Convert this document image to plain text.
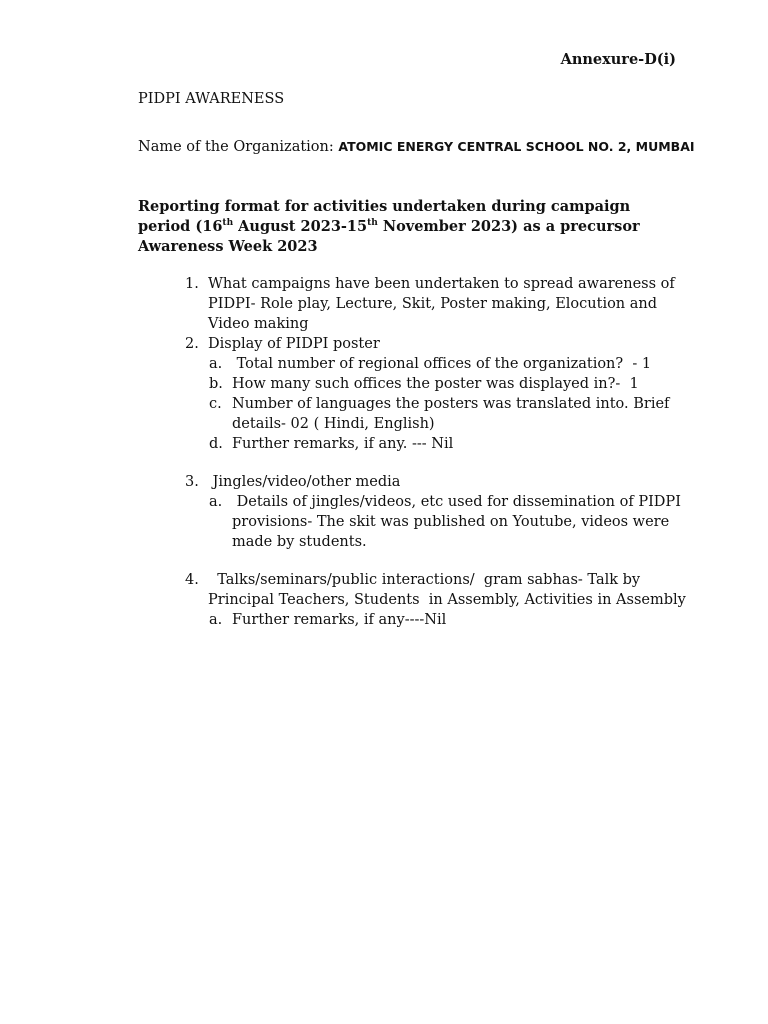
Annexure-D(i)
PIDPI AWARENESS
Name of the Organization: ATOMIC ENERGY CENTRAL SCHOOL NO. 2, MUMBAI
Reporting format for activities undertaken during campaign period (16th August 2023-15th November 2023) as a precursor Awareness Week 2023
1. What campaigns have been undertaken to spread awareness of PIDPI- Role play, Lecture, Skit, Poster making, Elocution and Video making
2. Display of PIDPI poster
a. Total number of regional offices of the organization?  - 1
b. How many such offices the poster was displayed in?-  1
c. Number of languages the posters was translated into. Brief details- 02 ( Hindi, English)
d. Further remarks, if any. --- Nil
3. Jingles/video/other media
a. Details of jingles/videos, etc used for dissemination of PIDPI provisions- The skit was published on Youtube, videos were made by students.
4. Talks/seminars/public interactions/  gram sabhas- Talk by Principal Teachers, Students  in Assembly, Activities in Assembly
a. Further remarks, if any----Nil
